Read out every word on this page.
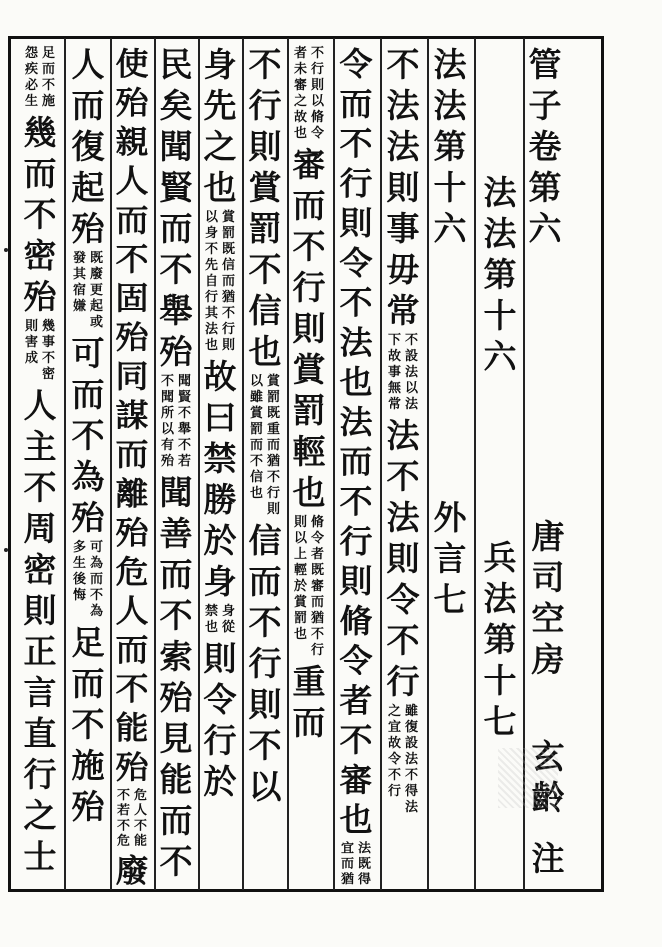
管
子
卷
第
六
法
法
第
十
六
兵
法
第
十
七
法
法
第
十
六
外
言
七
不
法
法
則
事
毋
常
不
設
法
以
法
下
故
事
無
常
法
不
法
則
令
不
行
雖
復
設
法
不
得
法
之
宜
故
令
不
行
令
而
不
行
則
令
不
法
也
法
而
不
行
則
脩
令
者
不
審
也
法
既
得
宜
而
猶
不
行
則
以
脩
令
者
未
審
之
故
也
審
而
不
行
則
賞
罰
輕
也
脩
令
者
既
審
而
猶
不
行
則
以
上
輕
於
賞
罰
也
重
而
不
行
則
賞
罰
不
信
也
賞
罰
既
重
而
猶
不
行
則
以
雖
賞
罰
而
不
信
也
信
而
不
行
則
不
以
身
先
之
也
賞
罰
既
信
而
猶
不
行
則
以
身
不
先
自
行
其
法
也
故
曰
禁
勝
於
身
身
從
禁
也
則
令
行
於
民
矣
聞
賢
而
不
舉
殆
聞
賢
不
舉
不
若
不
聞
所
以
有
殆
聞
善
而
不
索
殆
見
能
而
不
使
殆
親
人
而
不
固
殆
同
謀
而
離
殆
危
人
而
不
能
殆
危
人
不
能
不
若
不
危
廢
人
而
復
起
殆
既
廢
更
起
或
發
其
宿
嫌
可
而
不
為
殆
可
為
而
不
為
多
生
後
悔
足
而
不
施
殆
足
而
不
施
怨
疾
必
生
幾
而
不
密
殆
幾
事
不
密
則
害
成
人
主
不
周
密
則
正
言
直
行
之
士
唐
司
空
房
玄
齡
注
